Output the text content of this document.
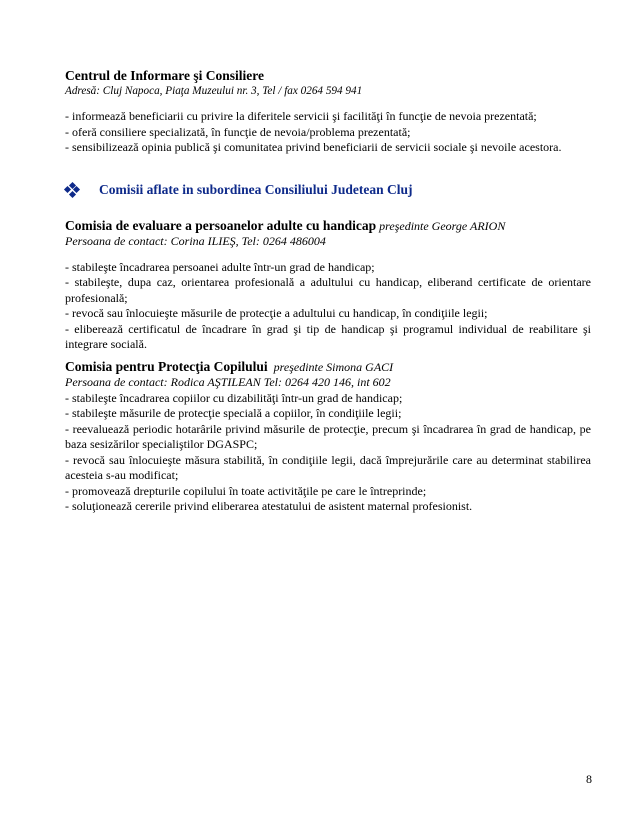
Centrul de Informare şi Consiliere
Adresă: Cluj Napoca, Piaţa Muzeului nr. 3, Tel / fax 0264 594 941
- informează beneficiarii cu privire la diferitele servicii şi facilităţi în funcţie de nevoia prezentată;
- oferă consiliere specializată, în funcţie de nevoia/problema prezentată;
- sensibilizează opinia publică şi comunitatea privind beneficiarii de servicii sociale şi nevoile acestora.
Comisii aflate in subordinea Consiliului Judetean Cluj
Comisia de evaluare a persoanelor adulte cu handicap preşedinte George ARION
Persoana de contact: Corina ILIEŞ, Tel: 0264 486004
- stabileşte încadrarea persoanei adulte într-un grad de handicap;
- stabileşte, dupa caz, orientarea profesională a adultului cu handicap, eliberand certificate de orientare profesională;
- revocă sau înlocuieşte măsurile de protecţie a adultului cu handicap, în condiţiile legii;
- eliberează certificatul de încadrare în grad şi tip de handicap şi programul individual de reabilitare şi integrare socială.
Comisia pentru Protecţia Copilului preşedinte Simona GACI
Persoana de contact: Rodica AŞTILEAN Tel: 0264 420 146, int 602
- stabileşte încadrarea copiilor cu dizabilităţi într-un grad de handicap;
- stabileşte măsurile de protecţie specială a copiilor, în condiţiile legii;
- reevaluează periodic hotarârile privind măsurile de protecţie, precum şi încadrarea în grad de handicap, pe baza sesizărilor specialiştilor DGASPC;
- revocă sau înlocuieşte măsura stabilită, în condiţiile legii, dacă împrejurările care au determinat stabilirea acesteia s-au modificat;
- promovează drepturile copilului în toate activităţile pe care le întreprinde;
- soluţionează cererile privind eliberarea atestatului de asistent maternal profesionist.
8
